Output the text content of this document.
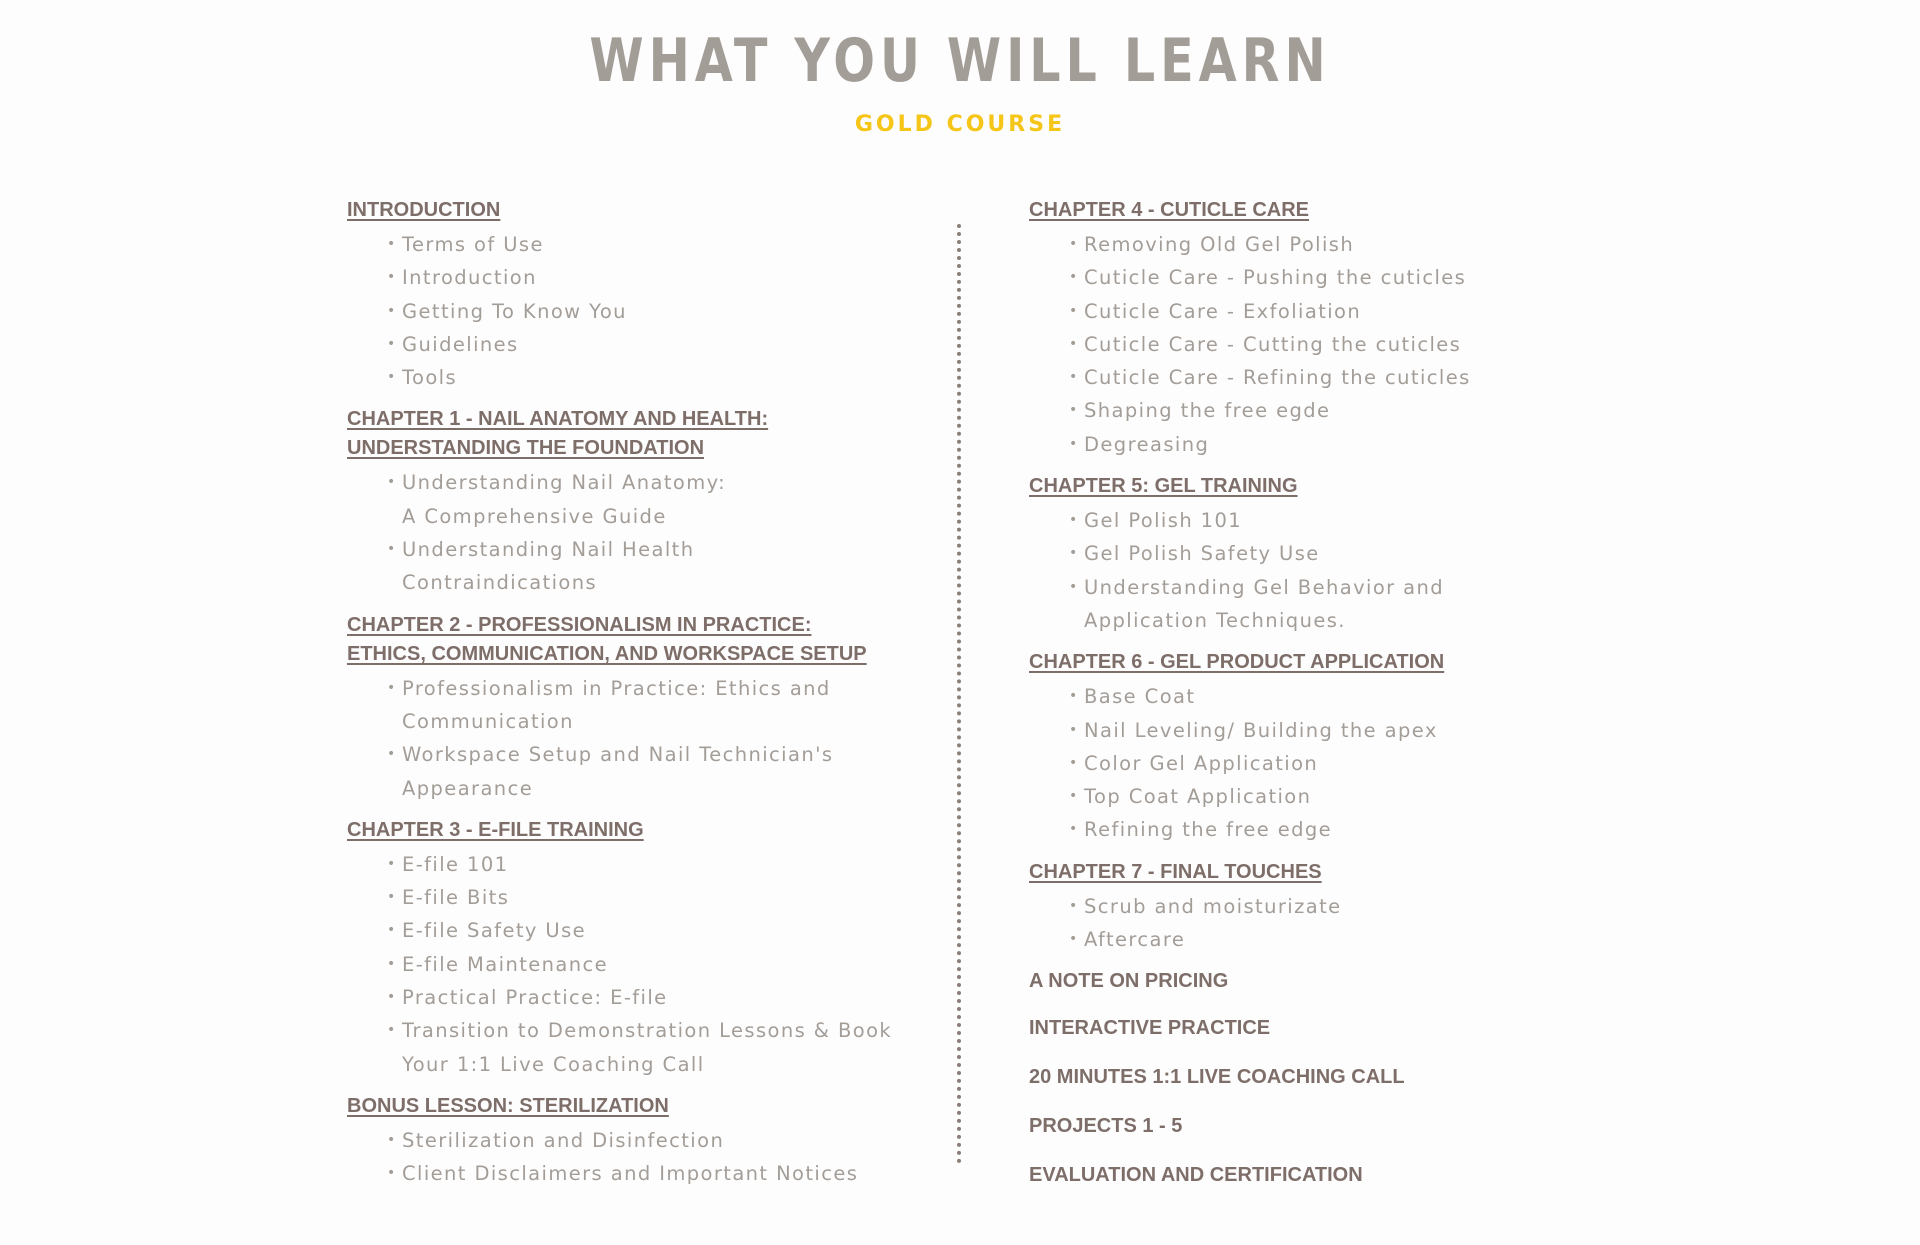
WHAT YOU WILL LEARN
GOLD COURSE
INTRODUCTION
• Terms of Use
• Introduction
• Getting To Know You
• Guidelines
• Tools
CHAPTER 1 - NAIL ANATOMY AND HEALTH:
UNDERSTANDING THE FOUNDATION
• Understanding Nail Anatomy:
A Comprehensive Guide
• Understanding Nail Health
Contraindications
CHAPTER 2 - PROFESSIONALISM IN PRACTICE:
ETHICS, COMMUNICATION, AND WORKSPACE SETUP
• Professionalism in Practice: Ethics and
Communication
• Workspace Setup and Nail Technician's
Appearance
CHAPTER 3 - E-FILE TRAINING
• E-file 101
• E-file Bits
• E-file Safety Use
• E-file Maintenance
• Practical Practice: E-file
• Transition to Demonstration Lessons & Book
Your 1:1 Live Coaching Call
BONUS LESSON: STERILIZATION
• Sterilization and Disinfection
• Client Disclaimers and Important Notices
CHAPTER 4 - CUTICLE CARE
• Removing Old Gel Polish
• Cuticle Care - Pushing the cuticles
• Cuticle Care - Exfoliation
• Cuticle Care - Cutting the cuticles
• Cuticle Care - Refining the cuticles
• Shaping the free egde
• Degreasing
CHAPTER 5: GEL TRAINING
• Gel Polish 101
• Gel Polish Safety Use
• Understanding Gel Behavior and
Application Techniques.
CHAPTER 6 - GEL PRODUCT APPLICATION
• Base Coat
• Nail Leveling/ Building the apex
• Color Gel Application
• Top Coat Application
• Refining the free edge
CHAPTER 7 - FINAL TOUCHES
• Scrub and moisturizate
• Aftercare
A NOTE ON PRICING
INTERACTIVE PRACTICE
20 MINUTES 1:1 LIVE COACHING CALL
PROJECTS 1 - 5
EVALUATION AND CERTIFICATION
